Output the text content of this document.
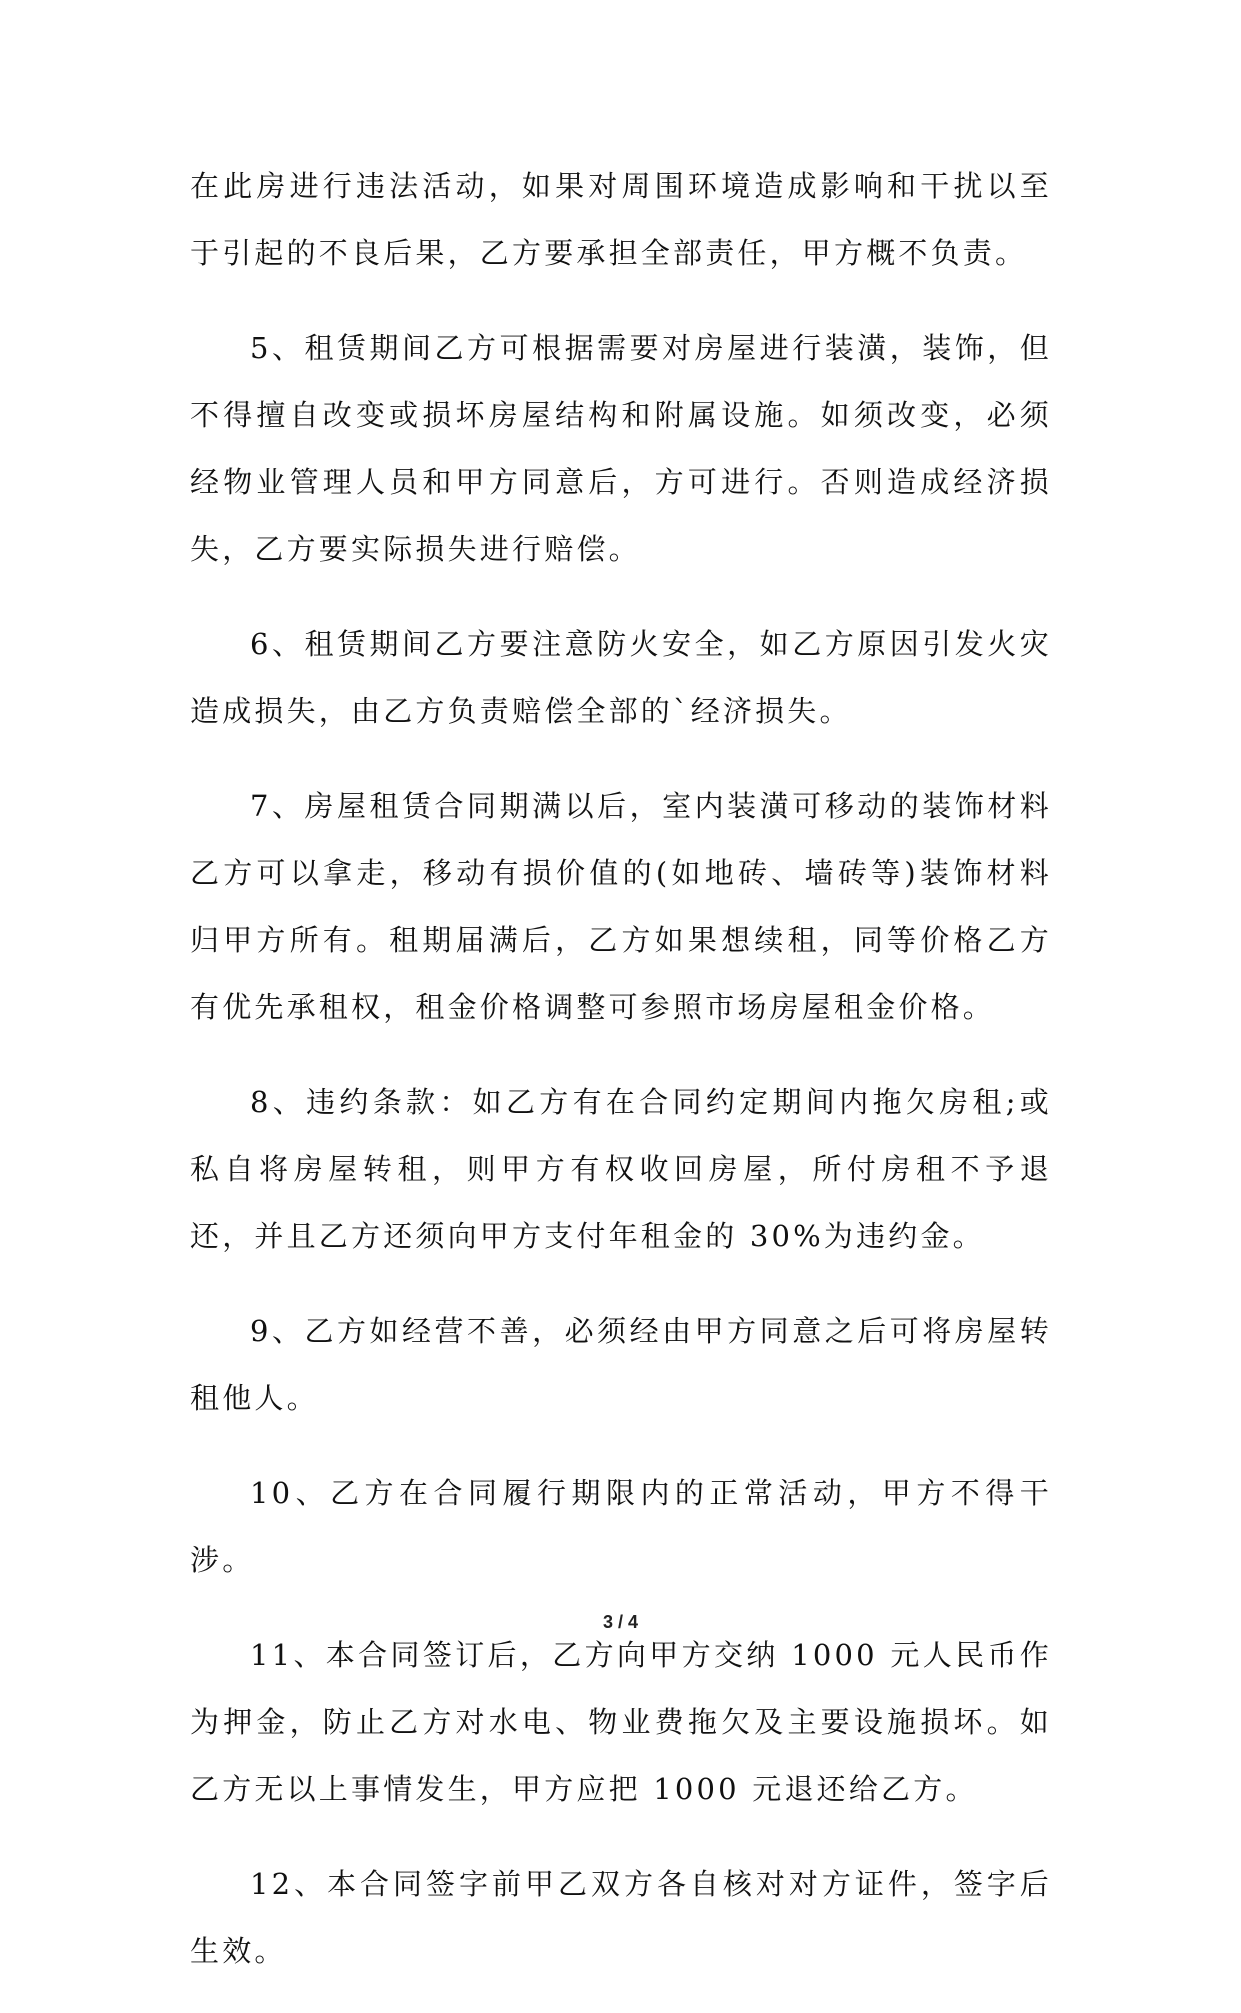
在此房进行违法活动，如果对周围环境造成影响和干扰以至于引起的不良后果，乙方要承担全部责任，甲方概不负责。

5、租赁期间乙方可根据需要对房屋进行装潢，装饰，但不得擅自改变或损坏房屋结构和附属设施。如须改变，必须经物业管理人员和甲方同意后，方可进行。否则造成经济损失，乙方要实际损失进行赔偿。

6、租赁期间乙方要注意防火安全，如乙方原因引发火灾造成损失，由乙方负责赔偿全部的`经济损失。

7、房屋租赁合同期满以后，室内装潢可移动的装饰材料乙方可以拿走，移动有损价值的(如地砖、墙砖等)装饰材料归甲方所有。租期届满后，乙方如果想续租，同等价格乙方有优先承租权，租金价格调整可参照市场房屋租金价格。

8、违约条款：如乙方有在合同约定期间内拖欠房租;或私自将房屋转租，则甲方有权收回房屋，所付房租不予退还，并且乙方还须向甲方支付年租金的 30%为违约金。

9、乙方如经营不善，必须经由甲方同意之后可将房屋转租他人。

10、乙方在合同履行期限内的正常活动，甲方不得干涉。

11、本合同签订后，乙方向甲方交纳 1000 元人民币作为押金，防止乙方对水电、物业费拖欠及主要设施损坏。如乙方无以上事情发生，甲方应把 1000 元退还给乙方。

12、本合同签字前甲乙双方各自核对对方证件，签字后生效。

3 / 4
